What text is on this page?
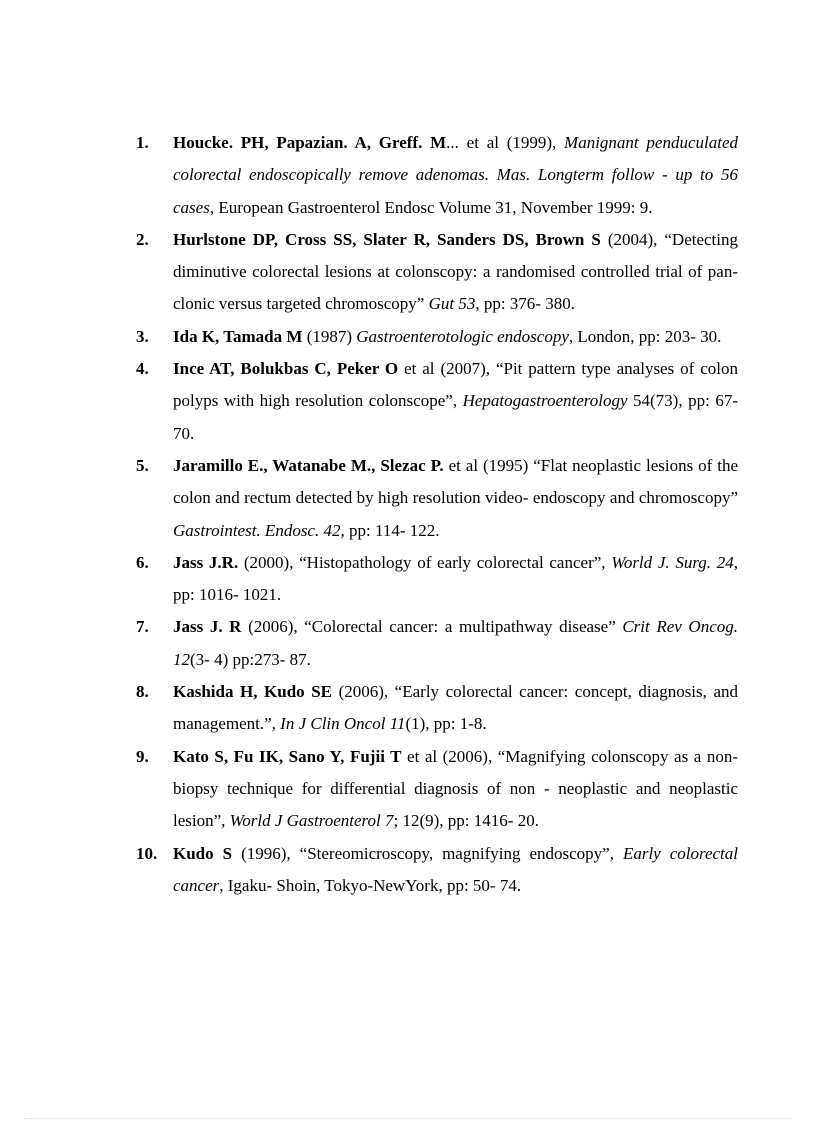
1.	Houcke. PH, Papazian. A, Greff. M... et al (1999), Manignant penduculated colorectal endoscopically remove adenomas. Mas. Longterm follow - up to 56 cases, European Gastroenterol Endosc Volume 31, November 1999: 9.
2.	Hurlstone DP, Cross SS, Slater R, Sanders DS, Brown S (2004), “Detecting diminutive colorectal lesions at colonscopy: a randomised controlled trial of pan- clonic versus targeted chromoscopy” Gut 53, pp: 376- 380.
3.	Ida K, Tamada M (1987) Gastroenterotologic endoscopy, London, pp: 203- 30.
4.	Ince AT, Bolukbas C, Peker O et al (2007), “Pit pattern type analyses of colon polyps with high resolution colonscope”, Hepatogastroenterology 54(73), pp: 67- 70.
5.	Jaramillo E., Watanabe M., Slezac P. et al (1995) “Flat neoplastic lesions of the colon and rectum detected by high resolution video- endoscopy and chromoscopy” Gastrointest. Endosc. 42, pp: 114- 122.
6.	Jass J.R. (2000), “Histopathology of early colorectal cancer”, World J. Surg. 24, pp: 1016- 1021.
7.	Jass J. R (2006), “Colorectal cancer: a multipathway disease” Crit Rev Oncog. 12(3- 4) pp:273- 87.
8.	Kashida H, Kudo SE (2006), “Early colorectal cancer: concept, diagnosis, and management.”, In J Clin Oncol 11(1), pp: 1-8.
9.	Kato S, Fu IK, Sano Y, Fujii T et al (2006), “Magnifying colonscopy as a non- biopsy technique for differential diagnosis of non - neoplastic and neoplastic lesion”, World J Gastroenterol 7; 12(9), pp: 1416- 20.
10. Kudo S (1996), “Stereomicroscopy, magnifying endoscopy”, Early colorectal cancer, Igaku- Shoin, Tokyo-NewYork, pp: 50- 74.
